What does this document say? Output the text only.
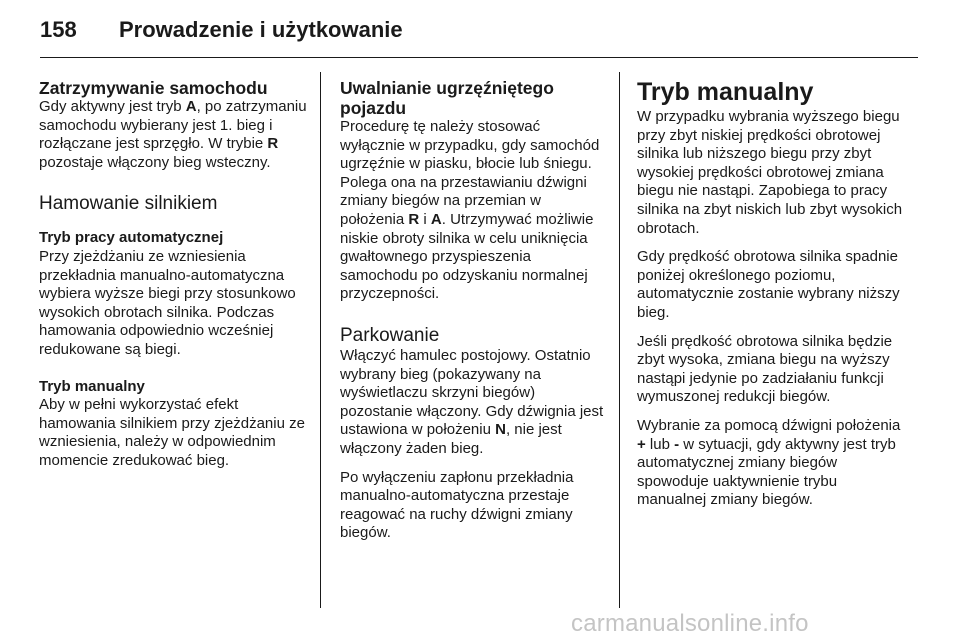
158 Prowadzenie i użytkowanie
Zatrzymywanie samochodu

Gdy aktywny jest tryb A, po zatrzymaniu samochodu wybierany jest 1. bieg i rozłączane jest sprzęgło. W trybie R pozostaje włączony bieg wsteczny.

Hamowanie silnikiem
Tryb pracy automatycznej

Przy zjeżdżaniu ze wzniesienia przekładnia manualno-automatyczna wybiera wyższe biegi przy stosunkowo wysokich obrotach silnika. Podczas hamowania odpowiednio wcześniej redukowane są biegi.

Tryb manualny

Aby w pełni wykorzystać efekt hamowania silnikiem przy zjeżdżaniu ze wzniesienia, należy w odpowiednim momencie zredukować bieg.

Uwalnianie ugrzęźniętego pojazdu

Procedurę tę należy stosować wyłącznie w przypadku, gdy samochód ugrzęźnie w piasku, błocie lub śniegu. Polega ona na przestawianiu dźwigni zmiany biegów na przemian w położenia R i A. Utrzymywać możliwie niskie obroty silnika w celu uniknięcia gwałtownego przyspieszenia samochodu po odzyskaniu normalnej przyczepności.

Parkowanie

Włączyć hamulec postojowy. Ostatnio wybrany bieg (pokazywany na wyświetlaczu skrzyni biegów) pozostanie włączony. Gdy dźwignia jest ustawiona w położeniu N, nie jest włączony żaden bieg.

Po wyłączeniu zapłonu przekładnia manualno-automatyczna przestaje reagować na ruchy dźwigni zmiany biegów.

Tryb manualny

W przypadku wybrania wyższego biegu przy zbyt niskiej prędkości obrotowej silnika lub niższego biegu przy zbyt wysokiej prędkości obrotowej zmiana biegu nie nastąpi. Zapobiega to pracy silnika na zbyt niskich lub zbyt wysokich obrotach.

Gdy prędkość obrotowa silnika spadnie poniżej określonego poziomu, automatycznie zostanie wybrany niższy bieg.

Jeśli prędkość obrotowa silnika będzie zbyt wysoka, zmiana biegu na wyższy nastąpi jedynie po zadziałaniu funkcji wymuszonej redukcji biegów.

Wybranie za pomocą dźwigni położenia + lub - w sytuacji, gdy aktywny jest tryb automatycznej zmiany biegów spowoduje uaktywnienie trybu manualnej zmiany biegów.

carmanualsonline.info
